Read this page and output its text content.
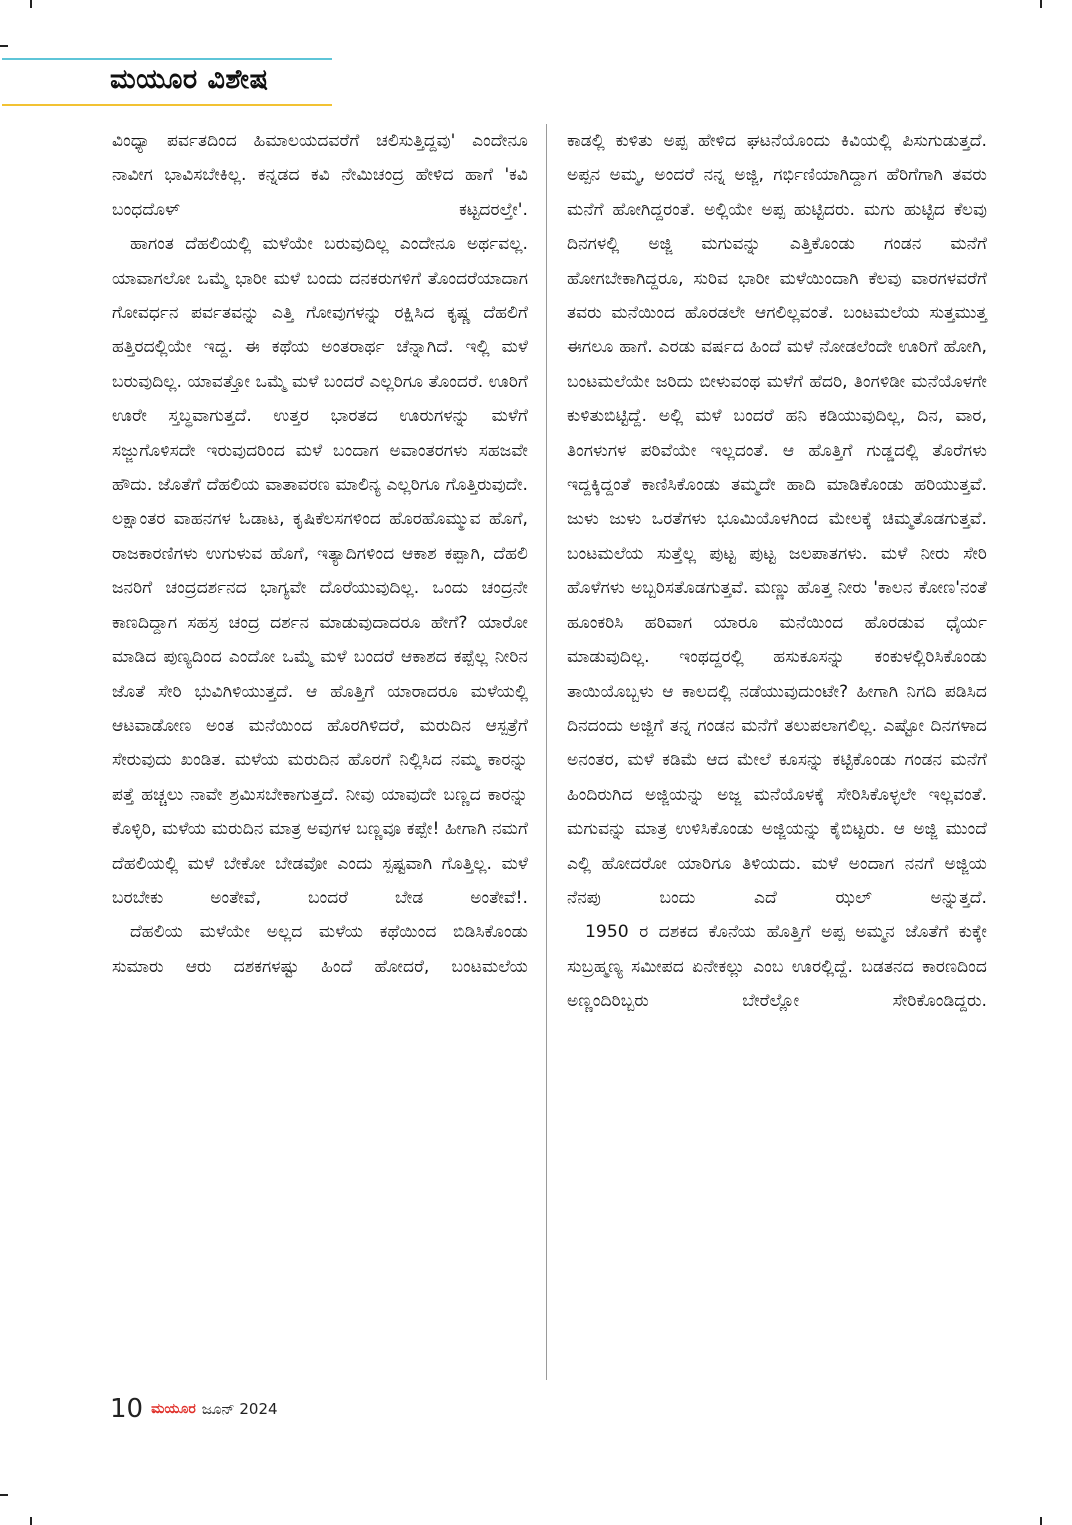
ಮಯೂರ ವಿಶೇಷ

ವಿಂಧ್ಯಾ ಪರ್ವತದಿಂದ ಹಿಮಾಲಯದವರೆಗೆ ಚಲಿಸುತ್ತಿದ್ದವು' ಎಂದೇನೂ ನಾವೀಗ ಭಾವಿಸಬೇಕಿಲ್ಲ. ಕನ್ನಡದ ಕವಿ ನೇಮಿಚಂದ್ರ ಹೇಳಿದ ಹಾಗೆ 'ಕವಿ ಬಂಧದೊಳ್ ಕಟ್ಟದರಲ್ತೇ'.

ಹಾಗಂತ ದೆಹಲಿಯಲ್ಲಿ ಮಳೆಯೇ ಬರುವುದಿಲ್ಲ ಎಂದೇನೂ ಅರ್ಥವಲ್ಲ. ಯಾವಾಗಲೋ ಒಮ್ಮೆ ಭಾರೀ ಮಳೆ ಬಂದು ದನಕರುಗಳಿಗೆ ತೊಂದರೆಯಾದಾಗ ಗೋವರ್ಧನ ಪರ್ವತವನ್ನು ಎತ್ತಿ ಗೋವುಗಳನ್ನು ರಕ್ಷಿಸಿದ ಕೃಷ್ಣ ದೆಹಲಿಗೆ ಹತ್ತಿರದಲ್ಲಿಯೇ ಇದ್ದ. ಈ ಕಥೆಯ ಅಂತರಾರ್ಥ ಚೆನ್ನಾಗಿದೆ. ಇಲ್ಲಿ ಮಳೆ ಬರುವುದಿಲ್ಲ. ಯಾವತ್ತೋ ಒಮ್ಮೆ ಮಳೆ ಬಂದರೆ ಎಲ್ಲರಿಗೂ ತೊಂದರೆ. ಊರಿಗೆ ಊರೇ ಸ್ತಬ್ಧವಾಗುತ್ತದೆ. ಉತ್ತರ ಭಾರತದ ಊರುಗಳನ್ನು ಮಳೆಗೆ ಸಜ್ಜುಗೊಳಿಸದೇ ಇರುವುದರಿಂದ ಮಳೆ ಬಂದಾಗ ಅವಾಂತರಗಳು ಸಹಜವೇ ಹೌದು. ಜೊತೆಗೆ ದೆಹಲಿಯ ವಾತಾವರಣ ಮಾಲಿನ್ಯ ಎಲ್ಲರಿಗೂ ಗೊತ್ತಿರುವುದೇ. ಲಕ್ಷಾಂತರ ವಾಹನಗಳ ಓಡಾಟ, ಕೃಷಿಕೆಲಸಗಳಿಂದ ಹೊರಹೊಮ್ಮುವ ಹೊಗೆ, ರಾಜಕಾರಣಿಗಳು ಉಗುಳುವ ಹೊಗೆ, ಇತ್ಯಾದಿಗಳಿಂದ ಆಕಾಶ ಕಪ್ಪಾಗಿ, ದೆಹಲಿ ಜನರಿಗೆ ಚಂದ್ರದರ್ಶನದ ಭಾಗ್ಯವೇ ದೊರೆಯುವುದಿಲ್ಲ. ಒಂದು ಚಂದ್ರನೇ ಕಾಣದಿದ್ದಾಗ ಸಹಸ್ರ ಚಂದ್ರ ದರ್ಶನ ಮಾಡುವುದಾದರೂ ಹೇಗೆ? ಯಾರೋ ಮಾಡಿದ ಪುಣ್ಯದಿಂದ ಎಂದೋ ಒಮ್ಮೆ ಮಳೆ ಬಂದರೆ ಆಕಾಶದ ಕಪ್ಪೆಲ್ಲ ನೀರಿನ ಜೊತೆ ಸೇರಿ ಭುವಿಗಿಳಿಯುತ್ತದೆ. ಆ ಹೊತ್ತಿಗೆ ಯಾರಾದರೂ ಮಳೆಯಲ್ಲಿ ಆಟವಾಡೋಣ ಅಂತ ಮನೆಯಿಂದ ಹೊರಗಿಳಿದರೆ, ಮರುದಿನ ಆಸ್ಪತ್ರೆಗೆ ಸೇರುವುದು ಖಂಡಿತ. ಮಳೆಯ ಮರುದಿನ ಹೊರಗೆ ನಿಲ್ಲಿಸಿದ ನಮ್ಮ ಕಾರನ್ನು ಪತ್ತೆ ಹಚ್ಚಲು ನಾವೇ ಶ್ರಮಿಸಬೇಕಾಗುತ್ತದೆ. ನೀವು ಯಾವುದೇ ಬಣ್ಣದ ಕಾರನ್ನು ಕೊಳ್ಳಿರಿ, ಮಳೆಯ ಮರುದಿನ ಮಾತ್ರ ಅವುಗಳ ಬಣ್ಣವೂ ಕಪ್ಪೇ! ಹೀಗಾಗಿ ನಮಗೆ ದೆಹಲಿಯಲ್ಲಿ ಮಳೆ ಬೇಕೋ ಬೇಡವೋ ಎಂದು ಸ್ಪಷ್ಟವಾಗಿ ಗೊತ್ತಿಲ್ಲ. ಮಳೆ ಬರಬೇಕು ಅಂತೇವೆ, ಬಂದರೆ ಬೇಡ ಅಂತೇವೆ!.

ದೆಹಲಿಯ ಮಳೆಯೇ ಅಲ್ಲದ ಮಳೆಯ ಕಥೆಯಿಂದ ಬಿಡಿಸಿಕೊಂಡು ಸುಮಾರು ಆರು ದಶಕಗಳಷ್ಟು ಹಿಂದೆ ಹೋದರೆ, ಬಂಟಮಲೆಯ

ಕಾಡಲ್ಲಿ ಕುಳಿತು ಅಪ್ಪ ಹೇಳಿದ ಘಟನೆಯೊಂದು ಕಿವಿಯಲ್ಲಿ ಪಿಸುಗುಡುತ್ತದೆ. ಅಪ್ಪನ ಅಮ್ಮ, ಅಂದರೆ ನನ್ನ ಅಜ್ಜಿ, ಗರ್ಭಿಣಿಯಾಗಿದ್ದಾಗ ಹೆರಿಗೆಗಾಗಿ ತವರು ಮನೆಗೆ ಹೋಗಿದ್ದರಂತೆ. ಅಲ್ಲಿಯೇ ಅಪ್ಪ ಹುಟ್ಟಿದರು. ಮಗು ಹುಟ್ಟಿದ ಕೆಲವು ದಿನಗಳಲ್ಲಿ ಅಜ್ಜಿ ಮಗುವನ್ನು ಎತ್ತಿಕೊಂಡು ಗಂಡನ ಮನೆಗೆ ಹೋಗಬೇಕಾಗಿದ್ದರೂ, ಸುರಿವ ಭಾರೀ ಮಳೆಯಿಂದಾಗಿ ಕೆಲವು ವಾರಗಳವರೆಗೆ ತವರು ಮನೆಯಿಂದ ಹೊರಡಲೇ ಆಗಲಿಲ್ಲವಂತೆ. ಬಂಟಮಲೆಯ ಸುತ್ತಮುತ್ತ ಈಗಲೂ ಹಾಗೆ. ಎರಡು ವರ್ಷದ ಹಿಂದೆ ಮಳೆ ನೋಡಲೆಂದೇ ಊರಿಗೆ ಹೋಗಿ, ಬಂಟಮಲೆಯೇ ಜರಿದು ಬೀಳುವಂಥ ಮಳೆಗೆ ಹೆದರಿ, ತಿಂಗಳಿಡೀ ಮನೆಯೊಳಗೇ ಕುಳಿತುಬಿಟ್ಟಿದ್ದೆ. ಅಲ್ಲಿ ಮಳೆ ಬಂದರೆ ಹನಿ ಕಡಿಯುವುದಿಲ್ಲ, ದಿನ, ವಾರ, ತಿಂಗಳುಗಳ ಪರಿವೆಯೇ ಇಲ್ಲದಂತೆ. ಆ ಹೊತ್ತಿಗೆ ಗುಡ್ಡದಲ್ಲಿ ತೊರೆಗಳು ಇದ್ದಕ್ಕಿದ್ದಂತೆ ಕಾಣಿಸಿಕೊಂಡು ತಮ್ಮದೇ ಹಾದಿ ಮಾಡಿಕೊಂಡು ಹರಿಯುತ್ತವೆ. ಜುಳು ಜುಳು ಒರತೆಗಳು ಭೂಮಿಯೊಳಗಿಂದ ಮೇಲಕ್ಕೆ ಚಿಮ್ಮತೊಡಗುತ್ತವೆ. ಬಂಟಮಲೆಯ ಸುತ್ತೆಲ್ಲ ಪುಟ್ಟ ಪುಟ್ಟ ಜಲಪಾತಗಳು. ಮಳೆ ನೀರು ಸೇರಿ ಹೊಳೆಗಳು ಅಬ್ಬರಿಸತೊಡಗುತ್ತವೆ. ಮಣ್ಣು ಹೊತ್ತ ನೀರು 'ಕಾಲನ ಕೋಣ'ನಂತೆ ಹೂಂಕರಿಸಿ ಹರಿವಾಗ ಯಾರೂ ಮನೆಯಿಂದ ಹೊರಡುವ ಧೈರ್ಯ ಮಾಡುವುದಿಲ್ಲ. ಇಂಥದ್ದರಲ್ಲಿ ಹಸುಕೂಸನ್ನು ಕಂಕುಳಲ್ಲಿರಿಸಿಕೊಂಡು ತಾಯಿಯೊಬ್ಬಳು ಆ ಕಾಲದಲ್ಲಿ ನಡೆಯುವುದುಂಟೇ? ಹೀಗಾಗಿ ನಿಗದಿ ಪಡಿಸಿದ ದಿನದಂದು ಅಜ್ಜಿಗೆ ತನ್ನ ಗಂಡನ ಮನೆಗೆ ತಲುಪಲಾಗಲಿಲ್ಲ. ಎಷ್ಟೋ ದಿನಗಳಾದ ಅನಂತರ, ಮಳೆ ಕಡಿಮೆ ಆದ ಮೇಲೆ ಕೂಸನ್ನು ಕಟ್ಟಿಕೊಂಡು ಗಂಡನ ಮನೆಗೆ ಹಿಂದಿರುಗಿದ ಅಜ್ಜಿಯನ್ನು ಅಜ್ಜ ಮನೆಯೊಳಕ್ಕೆ ಸೇರಿಸಿಕೊಳ್ಳಲೇ ಇಲ್ಲವಂತೆ. ಮಗುವನ್ನು ಮಾತ್ರ ಉಳಿಸಿಕೊಂಡು ಅಜ್ಜಿಯನ್ನು ಕೈಬಿಟ್ಟರು. ಆ ಅಜ್ಜಿ ಮುಂದೆ ಎಲ್ಲಿ ಹೋದರೋ ಯಾರಿಗೂ ತಿಳಿಯದು. ಮಳೆ ಅಂದಾಗ ನನಗೆ ಅಜ್ಜಿಯ ನೆನಪು ಬಂದು ಎದೆ ಝಲ್ ಅನ್ನುತ್ತದೆ.

1950 ರ ದಶಕದ ಕೊನೆಯ ಹೊತ್ತಿಗೆ ಅಪ್ಪ ಅಮ್ಮನ ಜೊತೆಗೆ ಕುಕ್ಕೇ ಸುಬ್ರಹ್ಮಣ್ಯ ಸಮೀಪದ ಏನೇಕಲ್ಲು ಎಂಬ ಊರಲ್ಲಿದ್ದೆ. ಬಡತನದ ಕಾರಣದಿಂದ ಅಣ್ಣಂದಿರಿಬ್ಬರು ಬೇರೆಲ್ಲೋ ಸೇರಿಕೊಂಡಿದ್ದರು.

10 ಮಯೂರ ಜೂನ್ 2024
